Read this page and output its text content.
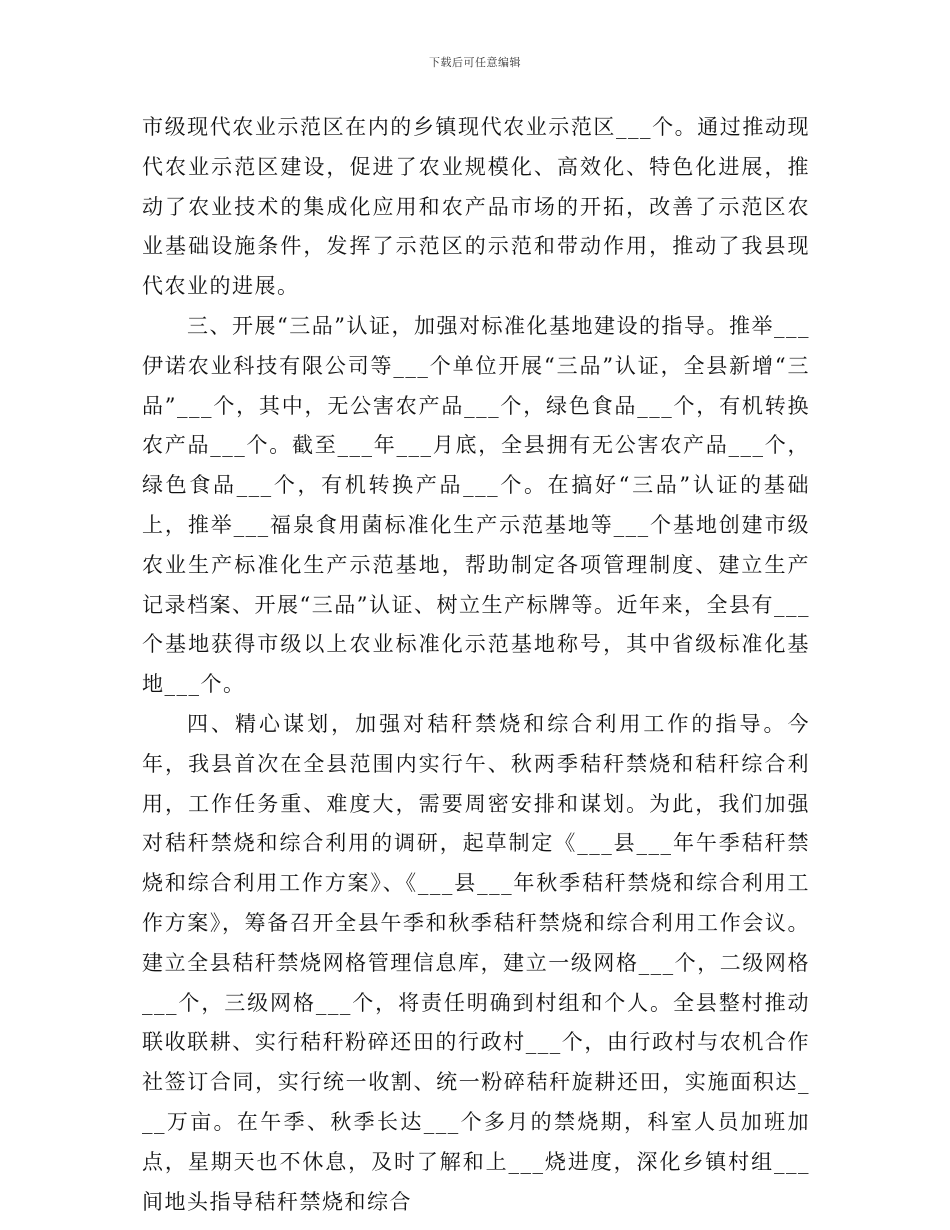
下载后可任意编辑

市级现代农业示范区在内的乡镇现代农业示范区___个。通过推动现代农业示范区建设，促进了农业规模化、高效化、特色化进展，推动了农业技术的集成化应用和农产品市场的开拓，改善了示范区农业基础设施条件，发挥了示范区的示范和带动作用，推动了我县现代农业的进展。

三、开展“三品”认证，加强对标准化基地建设的指导。推举___伊诺农业科技有限公司等___个单位开展“三品”认证，全县新增“三品”___个，其中，无公害农产品___个，绿色食品___个，有机转换农产品___个。截至___年___月底，全县拥有无公害农产品___个，绿色食品___个，有机转换产品___个。在搞好“三品”认证的基础上，推举___福泉食用菌标准化生产示范基地等___个基地创建市级农业生产标准化生产示范基地，帮助制定各项管理制度、建立生产记录档案、开展“三品”认证、树立生产标牌等。近年来，全县有___个基地获得市级以上农业标准化示范基地称号，其中省级标准化基地___个。

四、精心谋划，加强对秸秆禁烧和综合利用工作的指导。今年，我县首次在全县范围内实行午、秋两季秸秆禁烧和秸秆综合利用，工作任务重、难度大，需要周密安排和谋划。为此，我们加强对秸秆禁烧和综合利用的调研，起草制定《___县___年午季秸秆禁烧和综合利用工作方案》、《___县___年秋季秸秆禁烧和综合利用工作方案》，筹备召开全县午季和秋季秸秆禁烧和综合利用工作会议。建立全县秸秆禁烧网格管理信息库，建立一级网格___个，二级网格___个，三级网格___个，将责任明确到村组和个人。全县整村推动联收联耕、实行秸秆粉碎还田的行政村___个，由行政村与农机合作社签订合同，实行统一收割、统一粉碎秸秆旋耕还田，实施面积达___万亩。在午季、秋季长达___个多月的禁烧期，科室人员加班加点，星期天也不休息，及时了解和上___烧进度，深化乡镇村组___间地头指导秸秆禁烧和综合
